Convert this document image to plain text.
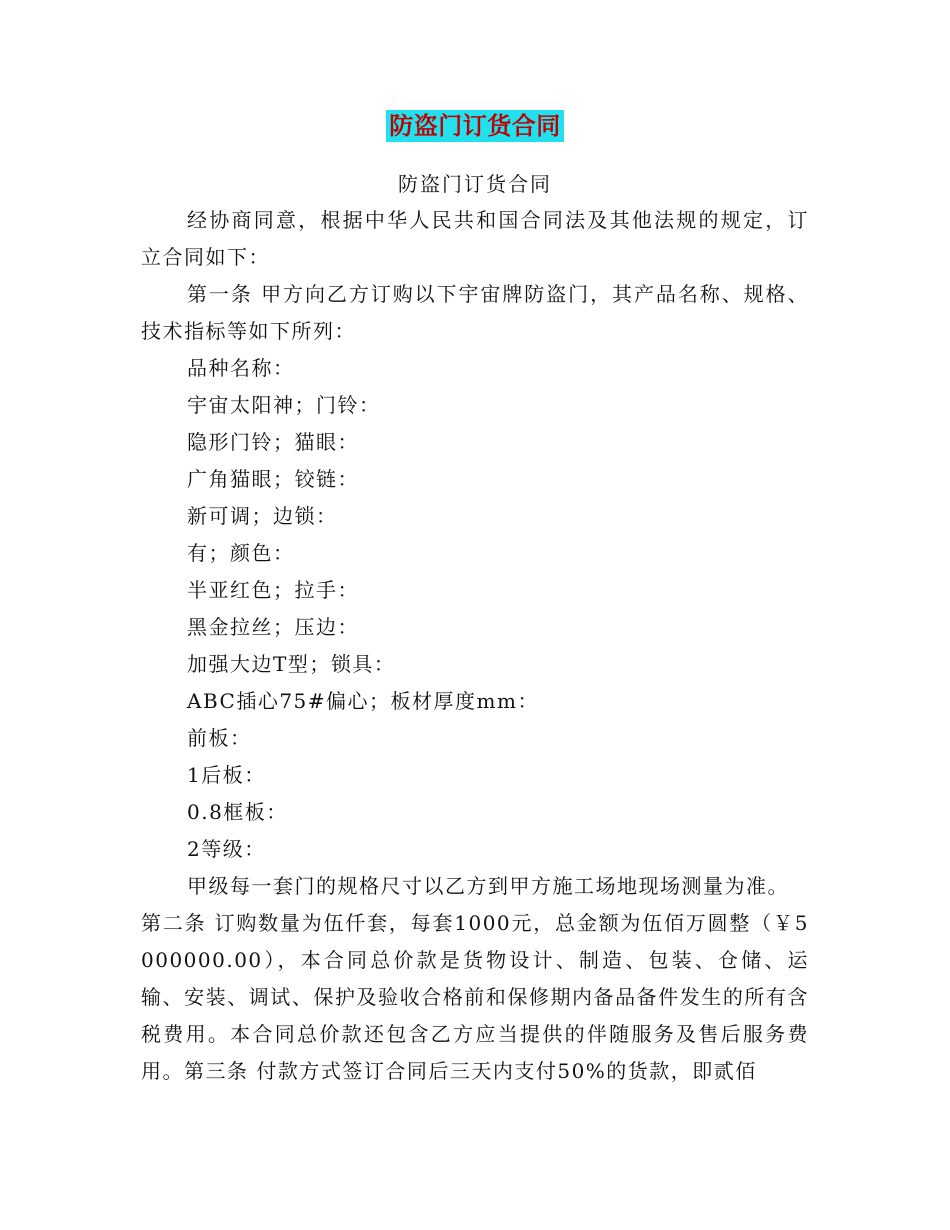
防盗门订货合同
防盗门订货合同

经协商同意，根据中华人民共和国合同法及其他法规的规定，订立合同如下：

第一条 甲方向乙方订购以下宇宙牌防盗门，其产品名称、规格、技术指标等如下所列：

品种名称：

宇宙太阳神；门铃：

隐形门铃；猫眼：

广角猫眼；铰链：

新可调；边锁：

有；颜色：

半亚红色；拉手：

黑金拉丝；压边：

加强大边T型；锁具：

ABC插心75#偏心；板材厚度mm：

前板：

1后板：

0.8框板：

2等级：

甲级每一套门的规格尺寸以乙方到甲方施工场地现场测量为准。

第二条 订购数量为伍仟套，每套1000元，总金额为伍佰万圆整（￥5000000.00），本合同总价款是货物设计、制造、包装、仓储、运输、安装、调试、保护及验收合格前和保修期内备品备件发生的所有含税费用。本合同总价款还包含乙方应当提供的伴随服务及售后服务费用。第三条 付款方式签订合同后三天内支付50%的货款，即贰佰
